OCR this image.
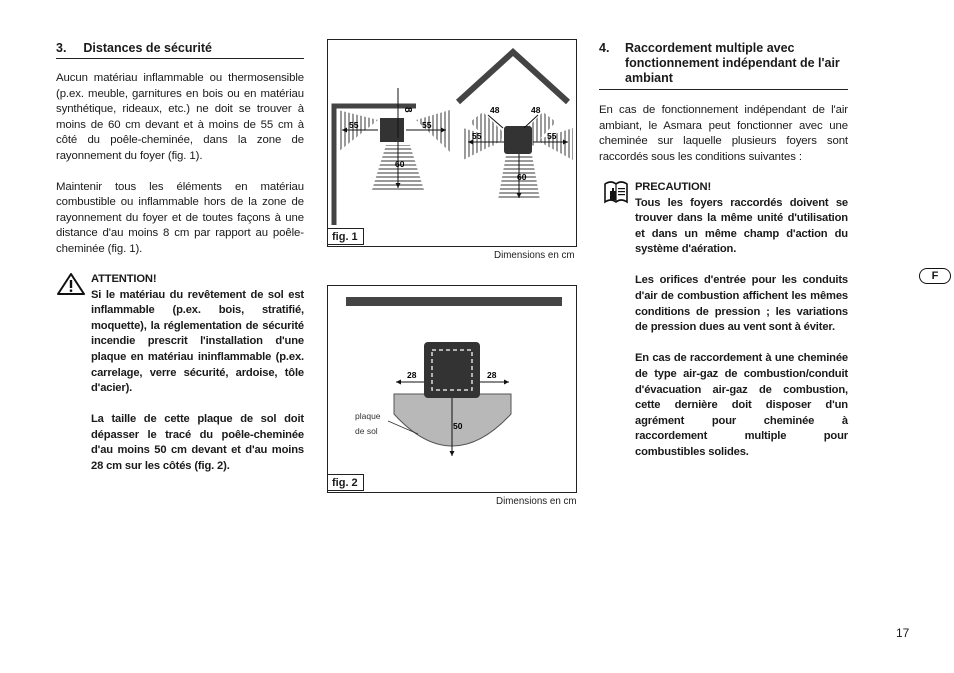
3. Distances de sécurité

Aucun matériau inflammable ou thermosensible (p.ex. meuble, garnitures en bois ou en matériau synthétique, rideaux, etc.) ne doit se trouver à moins de 60 cm devant et à moins de 55 cm à côté du poêle-cheminée, dans la zone de rayonnement du foyer (fig. 1).

Maintenir tous les éléments en matériau combustible ou inflammable hors de la zone de rayonnement du foyer et de toutes façons à une distance d'au moins 8 cm par rapport au poêle-cheminée (fig. 1).

ATTENTION!

Si le matériau du revêtement de sol est inflammable (p.ex. bois, stratifié, moquette), la réglementation de sécurité incendie prescrit l'installation d'une plaque en matériau ininflammable (p.ex. carrelage, verre sécurité, ardoise, tôle d'acier).

La taille de cette plaque de sol doit dépasser le tracé du poêle-cheminée d'au moins 50 cm devant et d'au moins 28 cm sur les côtés (fig. 2).

55	55
60
8	48	48
55	55
60
fig. 1
Dimensions en cm
28	28
50
plaque
de sol
fig. 2
Dimensions en cm
4.	Raccordement multiple avec
fonctionnement indépendant de l'air
ambiant
En cas de fonctionnement indépendant de l'air ambiant, le Asmara peut fonctionner avec une cheminée sur laquelle plusieurs foyers sont raccordés sous les conditions suivantes :
PRECAUTION!

Tous les foyers raccordés doivent se trouver dans la même unité d'utilisation et dans un même champ d'action du système d'aération.

Les orifices d'entrée pour les conduits d'air de combustion affichent les mêmes conditions de pression ; les variations de pression dues au vent sont à éviter.

En cas de raccordement à une cheminée de type air-gaz de combustion/conduit d'évacuation air-gaz de combustion, cette dernière doit disposer d'un agrément pour cheminée à raccordement multiple pour combustibles solides.

F
17
